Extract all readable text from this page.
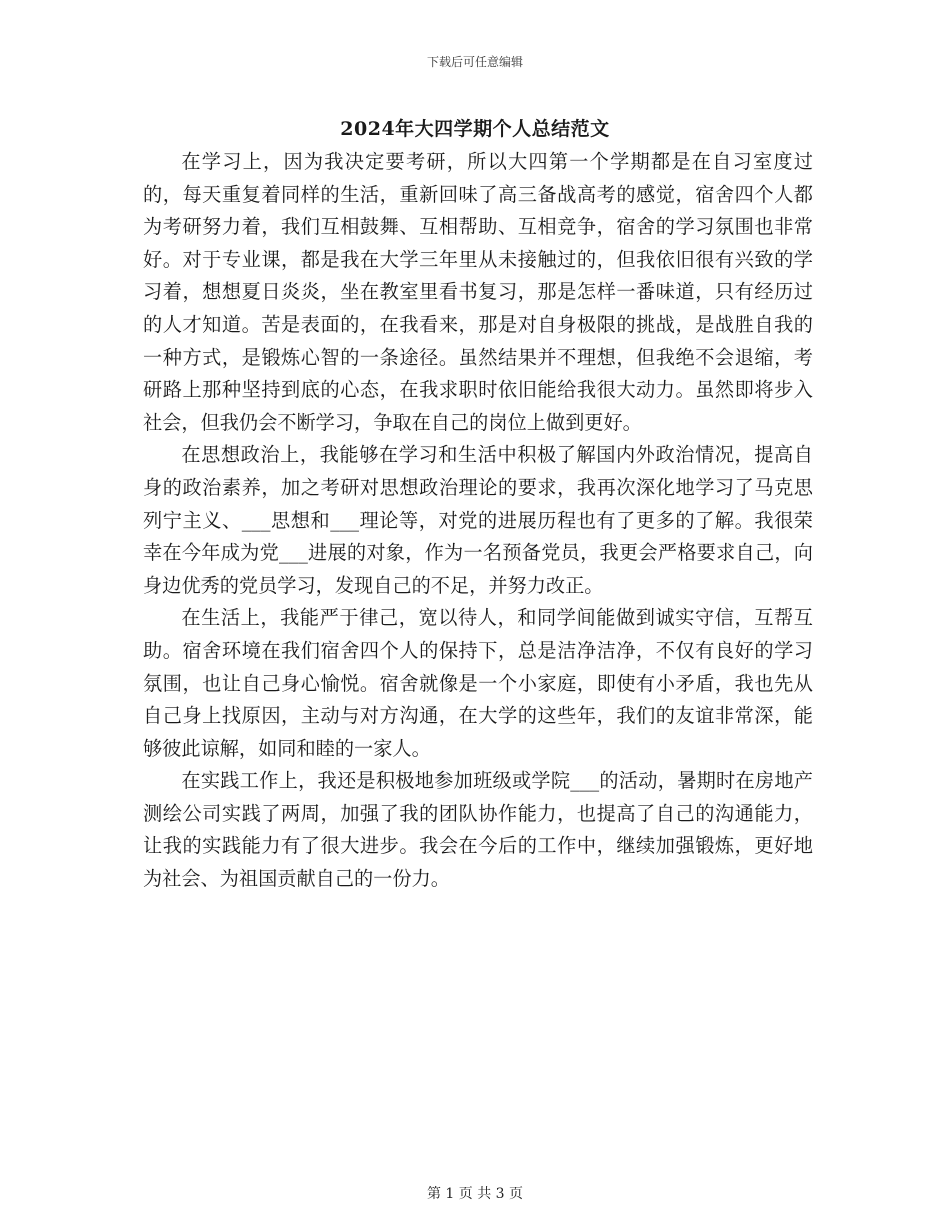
下载后可任意编辑
2024年大四学期个人总结范文

在学习上，因为我决定要考研，所以大四第一个学期都是在自习室度过的，每天重复着同样的生活，重新回味了高三备战高考的感觉，宿舍四个人都为考研努力着，我们互相鼓舞、互相帮助、互相竞争，宿舍的学习氛围也非常好。对于专业课，都是我在大学三年里从未接触过的，但我依旧很有兴致的学习着，想想夏日炎炎，坐在教室里看书复习，那是怎样一番味道，只有经历过的人才知道。苦是表面的，在我看来，那是对自身极限的挑战，是战胜自我的一种方式，是锻炼心智的一条途径。虽然结果并不理想，但我绝不会退缩，考研路上那种坚持到底的心态，在我求职时依旧能给我很大动力。虽然即将步入社会，但我仍会不断学习，争取在自己的岗位上做到更好。

在思想政治上，我能够在学习和生活中积极了解国内外政治情况，提高自身的政治素养，加之考研对思想政治理论的要求，我再次深化地学习了马克思列宁主义、___思想和___理论等，对党的进展历程也有了更多的了解。我很荣幸在今年成为党___进展的对象，作为一名预备党员，我更会严格要求自己，向身边优秀的党员学习，发现自己的不足，并努力改正。

在生活上，我能严于律己，宽以待人，和同学间能做到诚实守信，互帮互助。宿舍环境在我们宿舍四个人的保持下，总是洁净洁净，不仅有良好的学习氛围，也让自己身心愉悦。宿舍就像是一个小家庭，即使有小矛盾，我也先从自己身上找原因，主动与对方沟通，在大学的这些年，我们的友谊非常深，能够彼此谅解，如同和睦的一家人。

在实践工作上，我还是积极地参加班级或学院___的活动，暑期时在房地产测绘公司实践了两周，加强了我的团队协作能力，也提高了自己的沟通能力，让我的实践能力有了很大进步。我会在今后的工作中，继续加强锻炼，更好地为社会、为祖国贡献自己的一份力。

第 1 页 共 3 页
